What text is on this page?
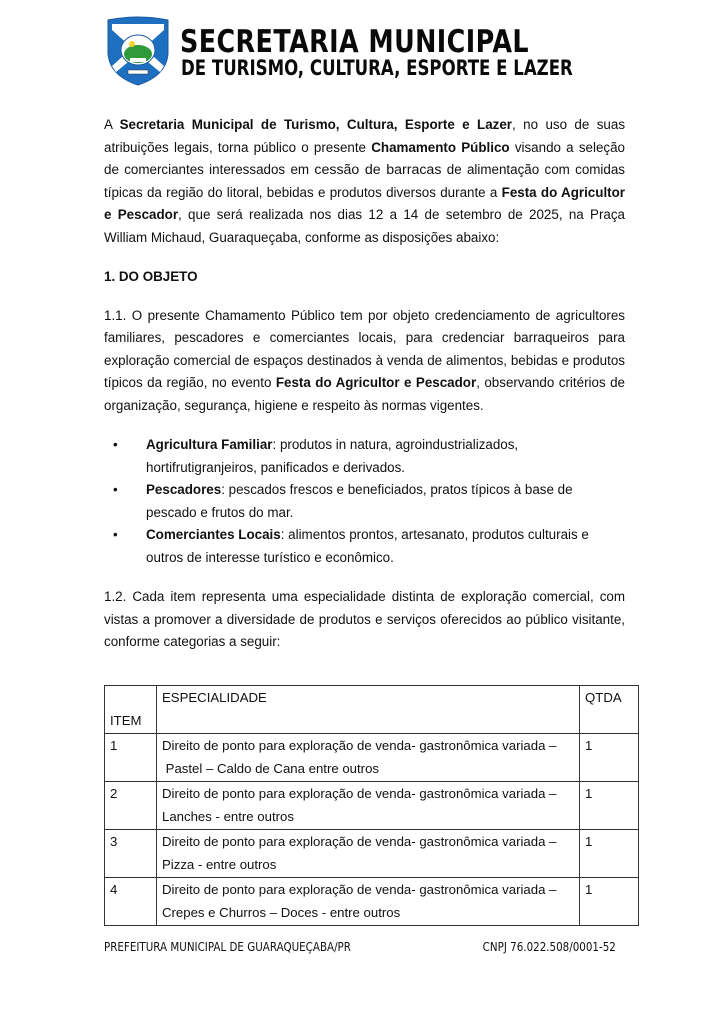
SECRETARIA MUNICIPAL
DE TURISMO, CULTURA, ESPORTE E LAZER

A Secretaria Municipal de Turismo, Cultura, Esporte e Lazer, no uso de suas atribuições legais, torna público o presente Chamamento Público visando a seleção de comerciantes interessados em cessão de barracas de alimentação com comidas típicas da região do litoral, bebidas e produtos diversos durante a Festa do Agricultor e Pescador, que será realizada nos dias 12 a 14 de setembro de 2025, na Praça William Michaud, Guaraqueçaba, conforme as disposições abaixo:

1. DO OBJETO

1.1. O presente Chamamento Público tem por objeto credenciamento de agricultores familiares, pescadores e comerciantes locais, para credenciar barraqueiros para exploração comercial de espaços destinados à venda de alimentos, bebidas e produtos típicos da região, no evento Festa do Agricultor e Pescador, observando critérios de organização, segurança, higiene e respeito às normas vigentes.

• Agricultura Familiar: produtos in natura, agroindustrializados, hortifrutigranjeiros, panificados e derivados.
• Pescadores: pescados frescos e beneficiados, pratos típicos à base de pescado e frutos do mar.
• Comerciantes Locais: alimentos prontos, artesanato, produtos culturais e outros de interesse turístico e econômico.

1.2. Cada item representa uma especialidade distinta de exploração comercial, com vistas a promover a diversidade de produtos e serviços oferecidos ao público visitante, conforme categorias a seguir:

ITEM	ESPECIALIDADE	QTDA
1	Direito de ponto para exploração de venda- gastronômica variada –
Pastel – Caldo de Cana entre outros	1
2	Direito de ponto para exploração de venda- gastronômica variada –
Lanches - entre outros	1
3	Direito de ponto para exploração de venda- gastronômica variada –
Pizza - entre outros	1
4	Direito de ponto para exploração de venda- gastronômica variada –
Crepes e Churros – Doces - entre outros	1
PREFEITURA MUNICIPAL DE GUARAQUEÇABA/PR	CNPJ 76.022.508/0001-52
